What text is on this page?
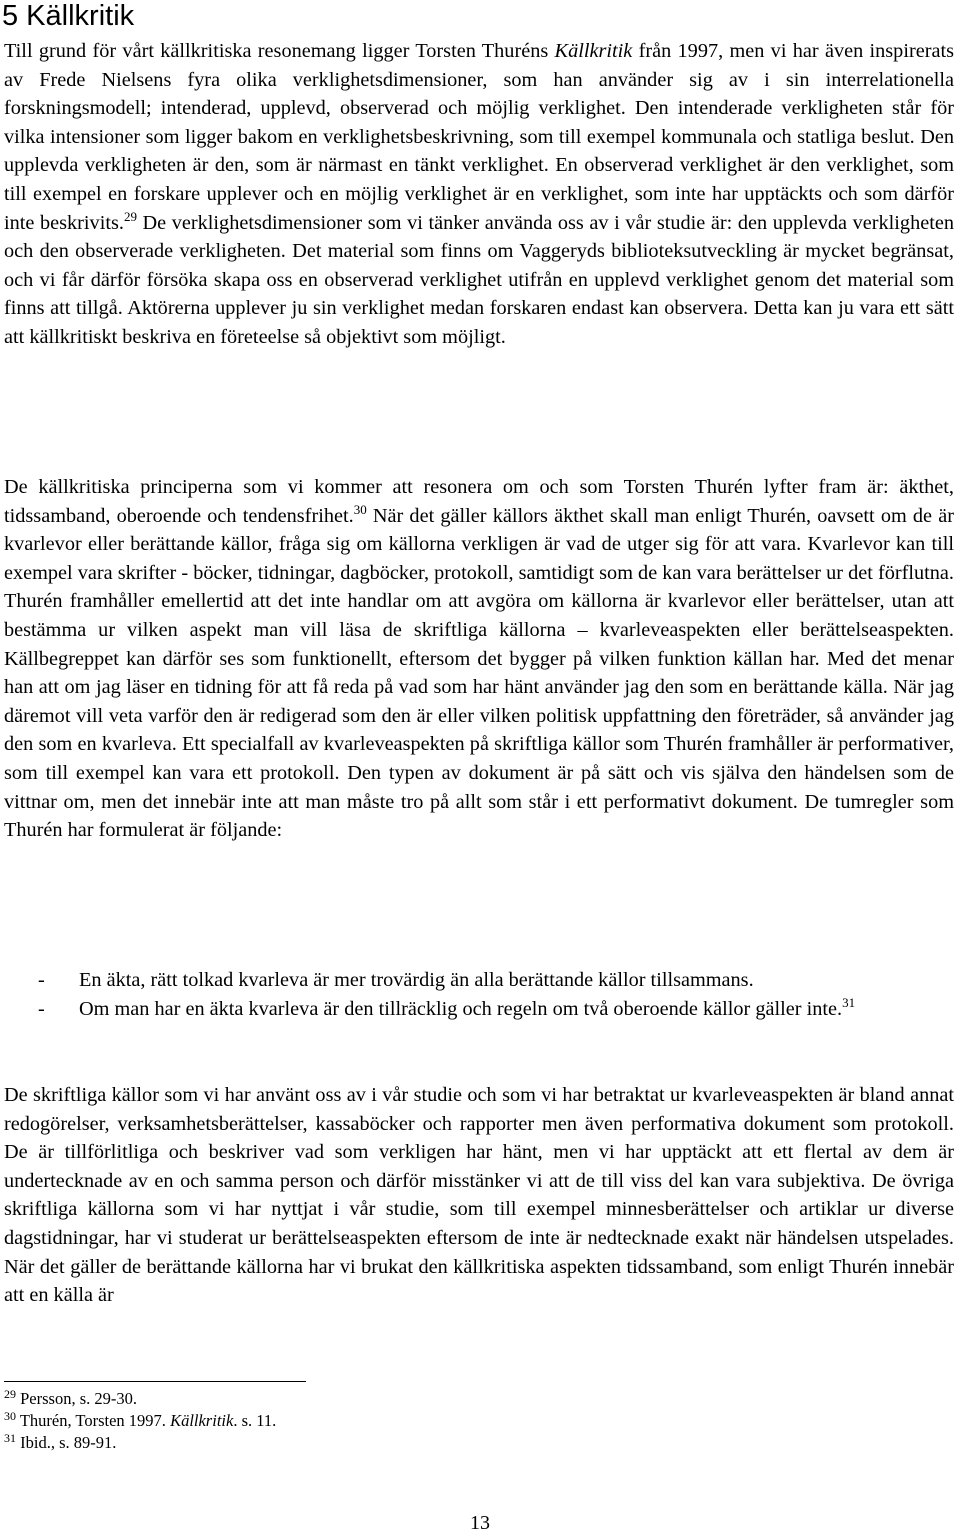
5 Källkritik

Till grund för vårt källkritiska resonemang ligger Torsten Thuréns Källkritik från 1997, men vi har även inspirerats av Frede Nielsens fyra olika verklighetsdimensioner, som han använder sig av i sin interrelationella forskningsmodell; intenderad, upplevd, observerad och möjlig verklighet. Den intenderade verkligheten står för vilka intensioner som ligger bakom en verklighetsbeskrivning, som till exempel kommunala och statliga beslut. Den upplevda verkligheten är den, som är närmast en tänkt verklighet. En observerad verklighet är den verklighet, som till exempel en forskare upplever och en möjlig verklighet är en verklighet, som inte har upptäckts och som därför inte beskrivits.$^{29}$ De verklighetsdimensioner som vi tänker använda oss av i vår studie är: den upplevda verkligheten och den observerade verkligheten. Det material som finns om Vaggeryds biblioteksutveckling är mycket begränsat, och vi får därför försöka skapa oss en observerad verklighet utifrån en upplevd verklighet genom det material som finns att tillgå. Aktörerna upplever ju sin verklighet medan forskaren endast kan observera. Detta kan ju vara ett sätt att källkritiskt beskriva en företeelse så objektivt som möjligt.

De källkritiska principerna som vi kommer att resonera om och som Torsten Thurén lyfter fram är: äkthet, tidssamband, oberoende och tendensfrihet.$^{30}$ När det gäller källors äkthet skall man enligt Thurén, oavsett om de är kvarlevor eller berättande källor, fråga sig om källorna verkligen är vad de utger sig för att vara. Kvarlevor kan till exempel vara skrifter - böcker, tidningar, dagböcker, protokoll, samtidigt som de kan vara berättelser ur det förflutna. Thurén framhåller emellertid att det inte handlar om att avgöra om källorna är kvarlevor eller berättelser, utan att bestämma ur vilken aspekt man vill läsa de skriftliga källorna – kvarleveaspekten eller berättelseaspekten. Källbegreppet kan därför ses som funktionellt, eftersom det bygger på vilken funktion källan har. Med det menar han att om jag läser en tidning för att få reda på vad som har hänt använder jag den som en berättande källa. När jag däremot vill veta varför den är redigerad som den är eller vilken politisk uppfattning den företräder, så använder jag den som en kvarleva. Ett specialfall av kvarleveaspekten på skriftliga källor som Thurén framhåller är performativer, som till exempel kan vara ett protokoll. Den typen av dokument är på sätt och vis själva den händelsen som de vittnar om, men det innebär inte att man måste tro på allt som står i ett performativt dokument. De tumregler som Thurén har formulerat är följande:

- En äkta, rätt tolkad kvarleva är mer trovärdig än alla berättande källor tillsammans.
- Om man har en äkta kvarleva är den tillräcklig och regeln om två oberoende källor gäller inte.$^{31}$

De skriftliga källor som vi har använt oss av i vår studie och som vi har betraktat ur kvarleveaspekten är bland annat redogörelser, verksamhetsberättelser, kassaböcker och rapporter men även performativa dokument som protokoll. De är tillförlitliga och beskriver vad som verkligen har hänt, men vi har upptäckt att ett flertal av dem är undertecknade av en och samma person och därför misstänker vi att de till viss del kan vara subjektiva. De övriga skriftliga källorna som vi har nyttjat i vår studie, som till exempel minnesberättelser och artiklar ur diverse dagstidningar, har vi studerat ur berättelseaspekten eftersom de inte är nedtecknade exakt när händelsen utspelades. När det gäller de berättande källorna har vi brukat den källkritiska aspekten tidssamband, som enligt Thurén innebär att en källa är

$^{29}$ Persson, s. 29-30.

$^{30}$ Thurén, Torsten 1997. Källkritik. s. 11.

$^{31}$ Ibid., s. 89-91.

13
